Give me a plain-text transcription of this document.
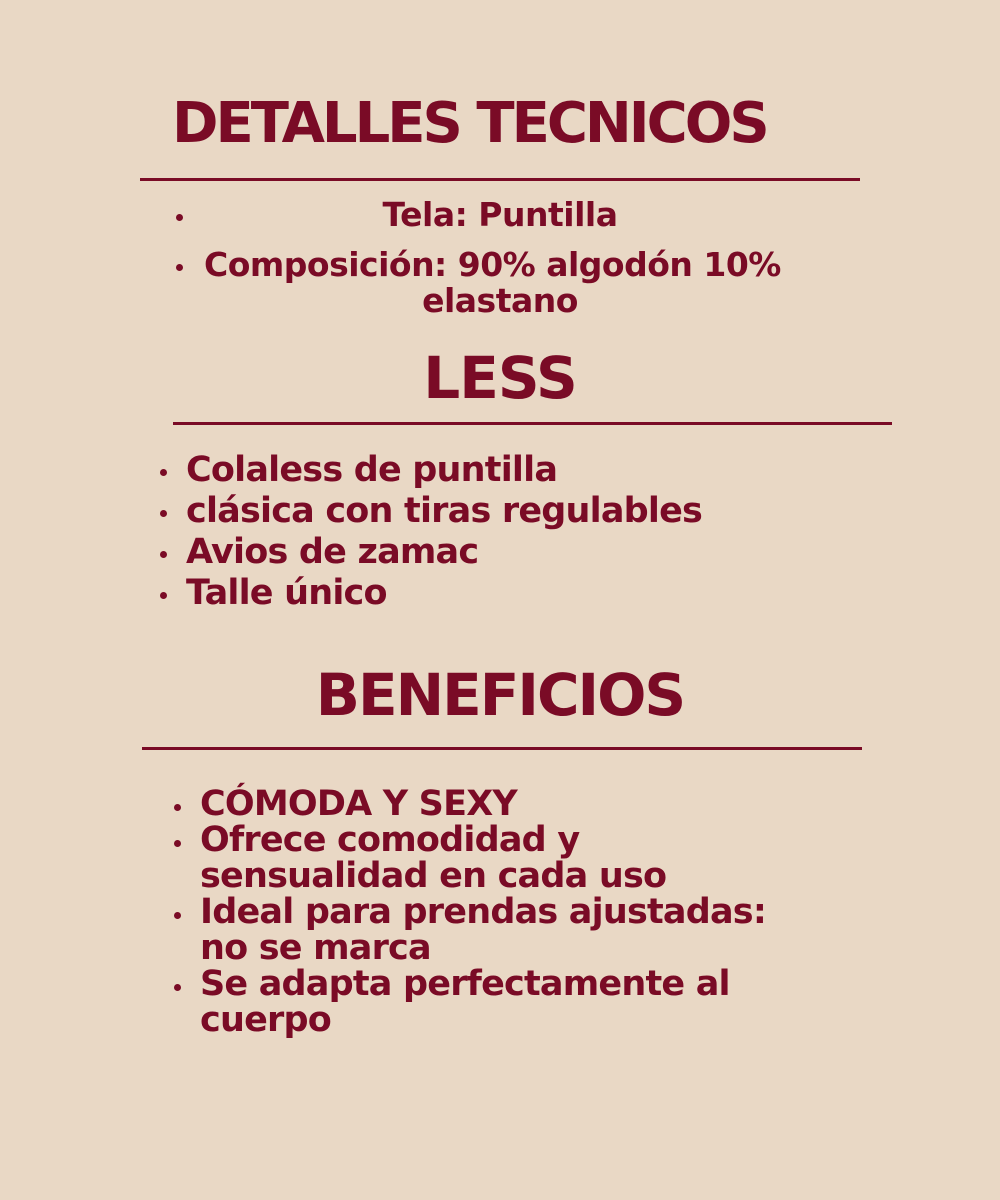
DETALLES TECNICOS
Tela: Puntilla
Composición: 90% algodón 10%
elastano
LESS
Colaless de puntilla
clásica con tiras regulables
Avios de zamac
Talle único
BENEFICIOS
CÓMODA Y SEXY
Ofrece comodidad y
sensualidad en cada uso
Ideal para prendas ajustadas:
no se marca
Se adapta perfectamente al
cuerpo
